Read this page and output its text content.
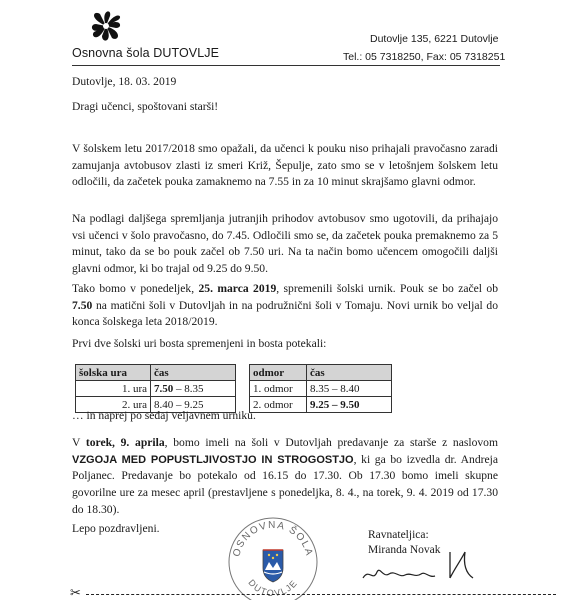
Osnovna šola DUTOVLJE
Dutovlje 135, 6221 Dutovlje
Tel.: 05 7318250, Fax: 05 7318251
Dutovlje, 18. 03. 2019
Dragi učenci, spoštovani starši!
V šolskem letu 2017/2018 smo opažali, da učenci k pouku niso prihajali pravočasno zaradi zamujanja avtobusov zlasti iz smeri Križ, Šepulje, zato smo se v letošnjem šolskem letu odločili, da začetek pouka zamaknemo na 7.55 in za 10 minut skrajšamo glavni odmor.
Na podlagi daljšega spremljanja jutranjih prihodov avtobusov smo ugotovili, da prihajajo vsi učenci v šolo pravočasno, do 7.45. Odločili smo se, da začetek pouka premaknemo za 5 minut, tako da se bo pouk začel ob 7.50 uri. Na ta način bomo učencem omogočili daljši glavni odmor, ki bo trajal od 9.25 do 9.50.
Tako bomo v ponedeljek, 25. marca 2019, spremenili šolski urnik. Pouk se bo začel ob 7.50 na matični šoli v Dutovljah in na podružnični šoli v Tomaju. Novi urnik bo veljal do konca šolskega leta 2018/2019.
Prvi dve šolski uri bosta spremenjeni in bosta potekali:
šolska ura	čas		odmor	čas
1. ura	7.50 – 8.35		1. odmor	8.35 – 8.40
2. ura	8.40 – 9.25		2. odmor	9.25 – 9.50
… in naprej po sedaj veljavnem urniku.
V torek, 9. aprila, bomo imeli na šoli v Dutovljah predavanje za starše z naslovom VZGOJA MED POPUSTLJIVOSTJO IN STROGOSTJO, ki ga bo izvedla dr. Andreja Poljanec. Predavanje bo potekalo od 16.15 do 17.30. Ob 17.30 bomo imeli skupne govorilne ure za mesec april (prestavljene s ponedeljka, 8. 4., na torek, 9. 4. 2019 od 17.30 do 18.30).
Lepo pozdravljeni.
OSNOVNA ŠOLA
DUTOVLJE
Ravnateljica:
Miranda Novak
✂
